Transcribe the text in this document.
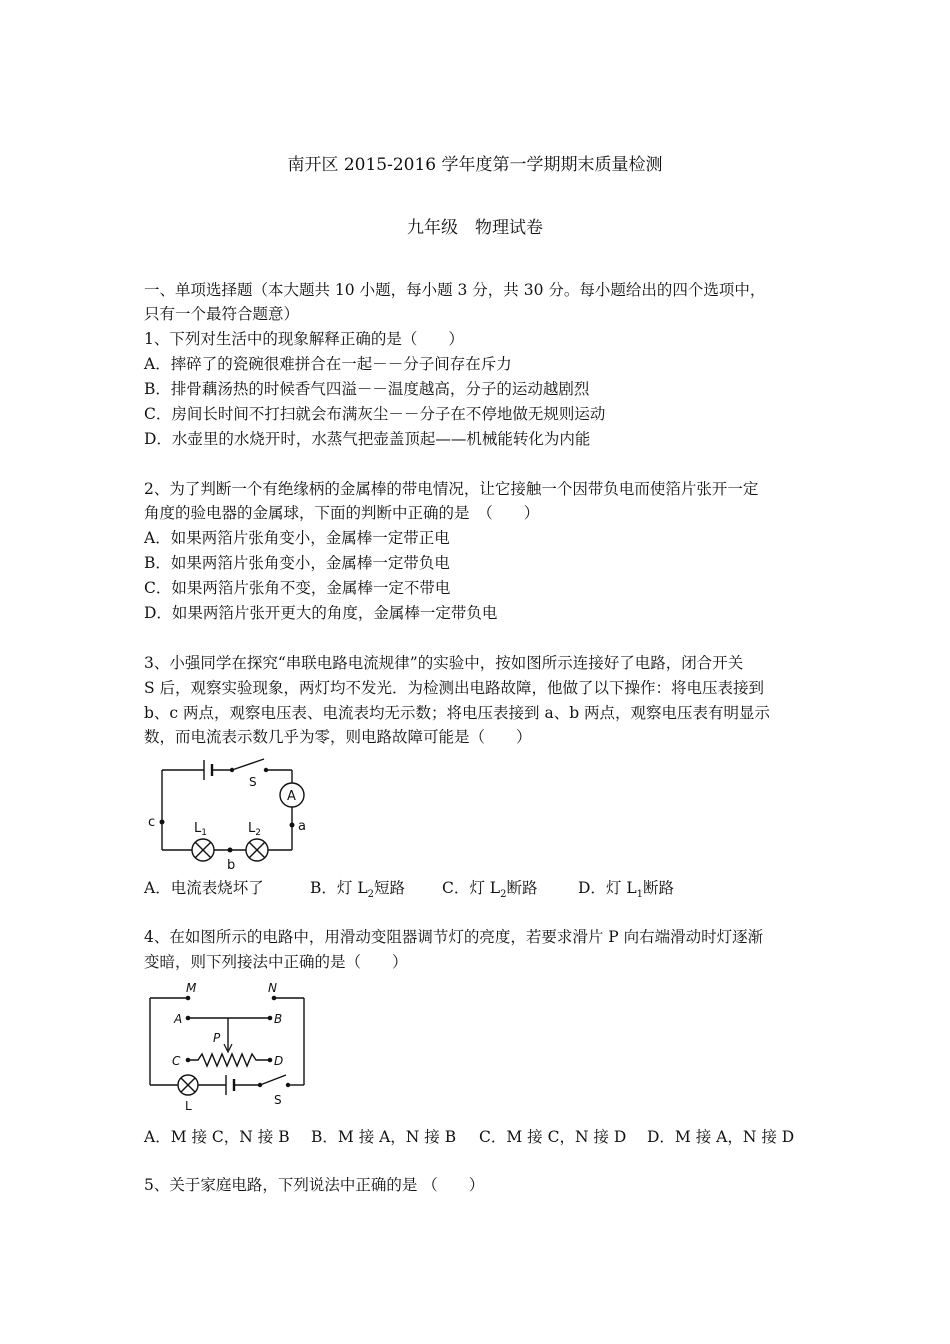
南开区 2015-2016 学年度第一学期期末质量检测
九年级　物理试卷
一、单项选择题（本大题共 10 小题，每小题 3 分，共 30 分。每小题给出的四个选项中，
只有一个最符合题意）
1、下列对生活中的现象解释正确的是（　　）
A．摔碎了的瓷碗很难拼合在一起－－分子间存在斥力
B．排骨藕汤热的时候香气四溢－－温度越高，分子的运动越剧烈
C．房间长时间不打扫就会布满灰尘－－分子在不停地做无规则运动
D．水壶里的水烧开时，水蒸气把壶盖顶起——机械能转化为内能
2、为了判断一个有绝缘柄的金属棒的带电情况，让它接触一个因带负电而使箔片张开一定
角度的验电器的金属球，下面的判断中正确的是　（　　）
A．如果两箔片张角变小，金属棒一定带正电
B．如果两箔片张角变小，金属棒一定带负电
C．如果两箔片张角不变，金属棒一定不带电
D．如果两箔片张开更大的角度，金属棒一定带负电
3、小强同学在探究“串联电路电流规律”的实验中，按如图所示连接好了电路，闭合开关
S 后，观察实验现象，两灯均不发光．为检测出电路故障，他做了以下操作：将电压表接到
b、c 两点，观察电压表、电流表均无示数；将电压表接到 a、b 两点，观察电压表有明显示
数，而电流表示数几乎为零，则电路故障可能是（　　）
S
A
c	a
b
$L_1$	$L_2$
A．电流表烧坏了	B．灯 $L_2$短路 C．灯 $L_2$断路	D．灯 $L_1$断路
4、在如图所示的电路中，用滑动变阻器调节灯的亮度，若要求滑片 P 向右端滑动时灯逐渐
变暗，则下列接法中正确的是（　　）
M	N
A	B
P
C	D
L	S
A．M 接 C，N 接 B B．M 接 A，N 接 B C．M 接 C，N 接 D D．M 接 A，N 接 D
5、关于家庭电路，下列说法中正确的是 （　　）
